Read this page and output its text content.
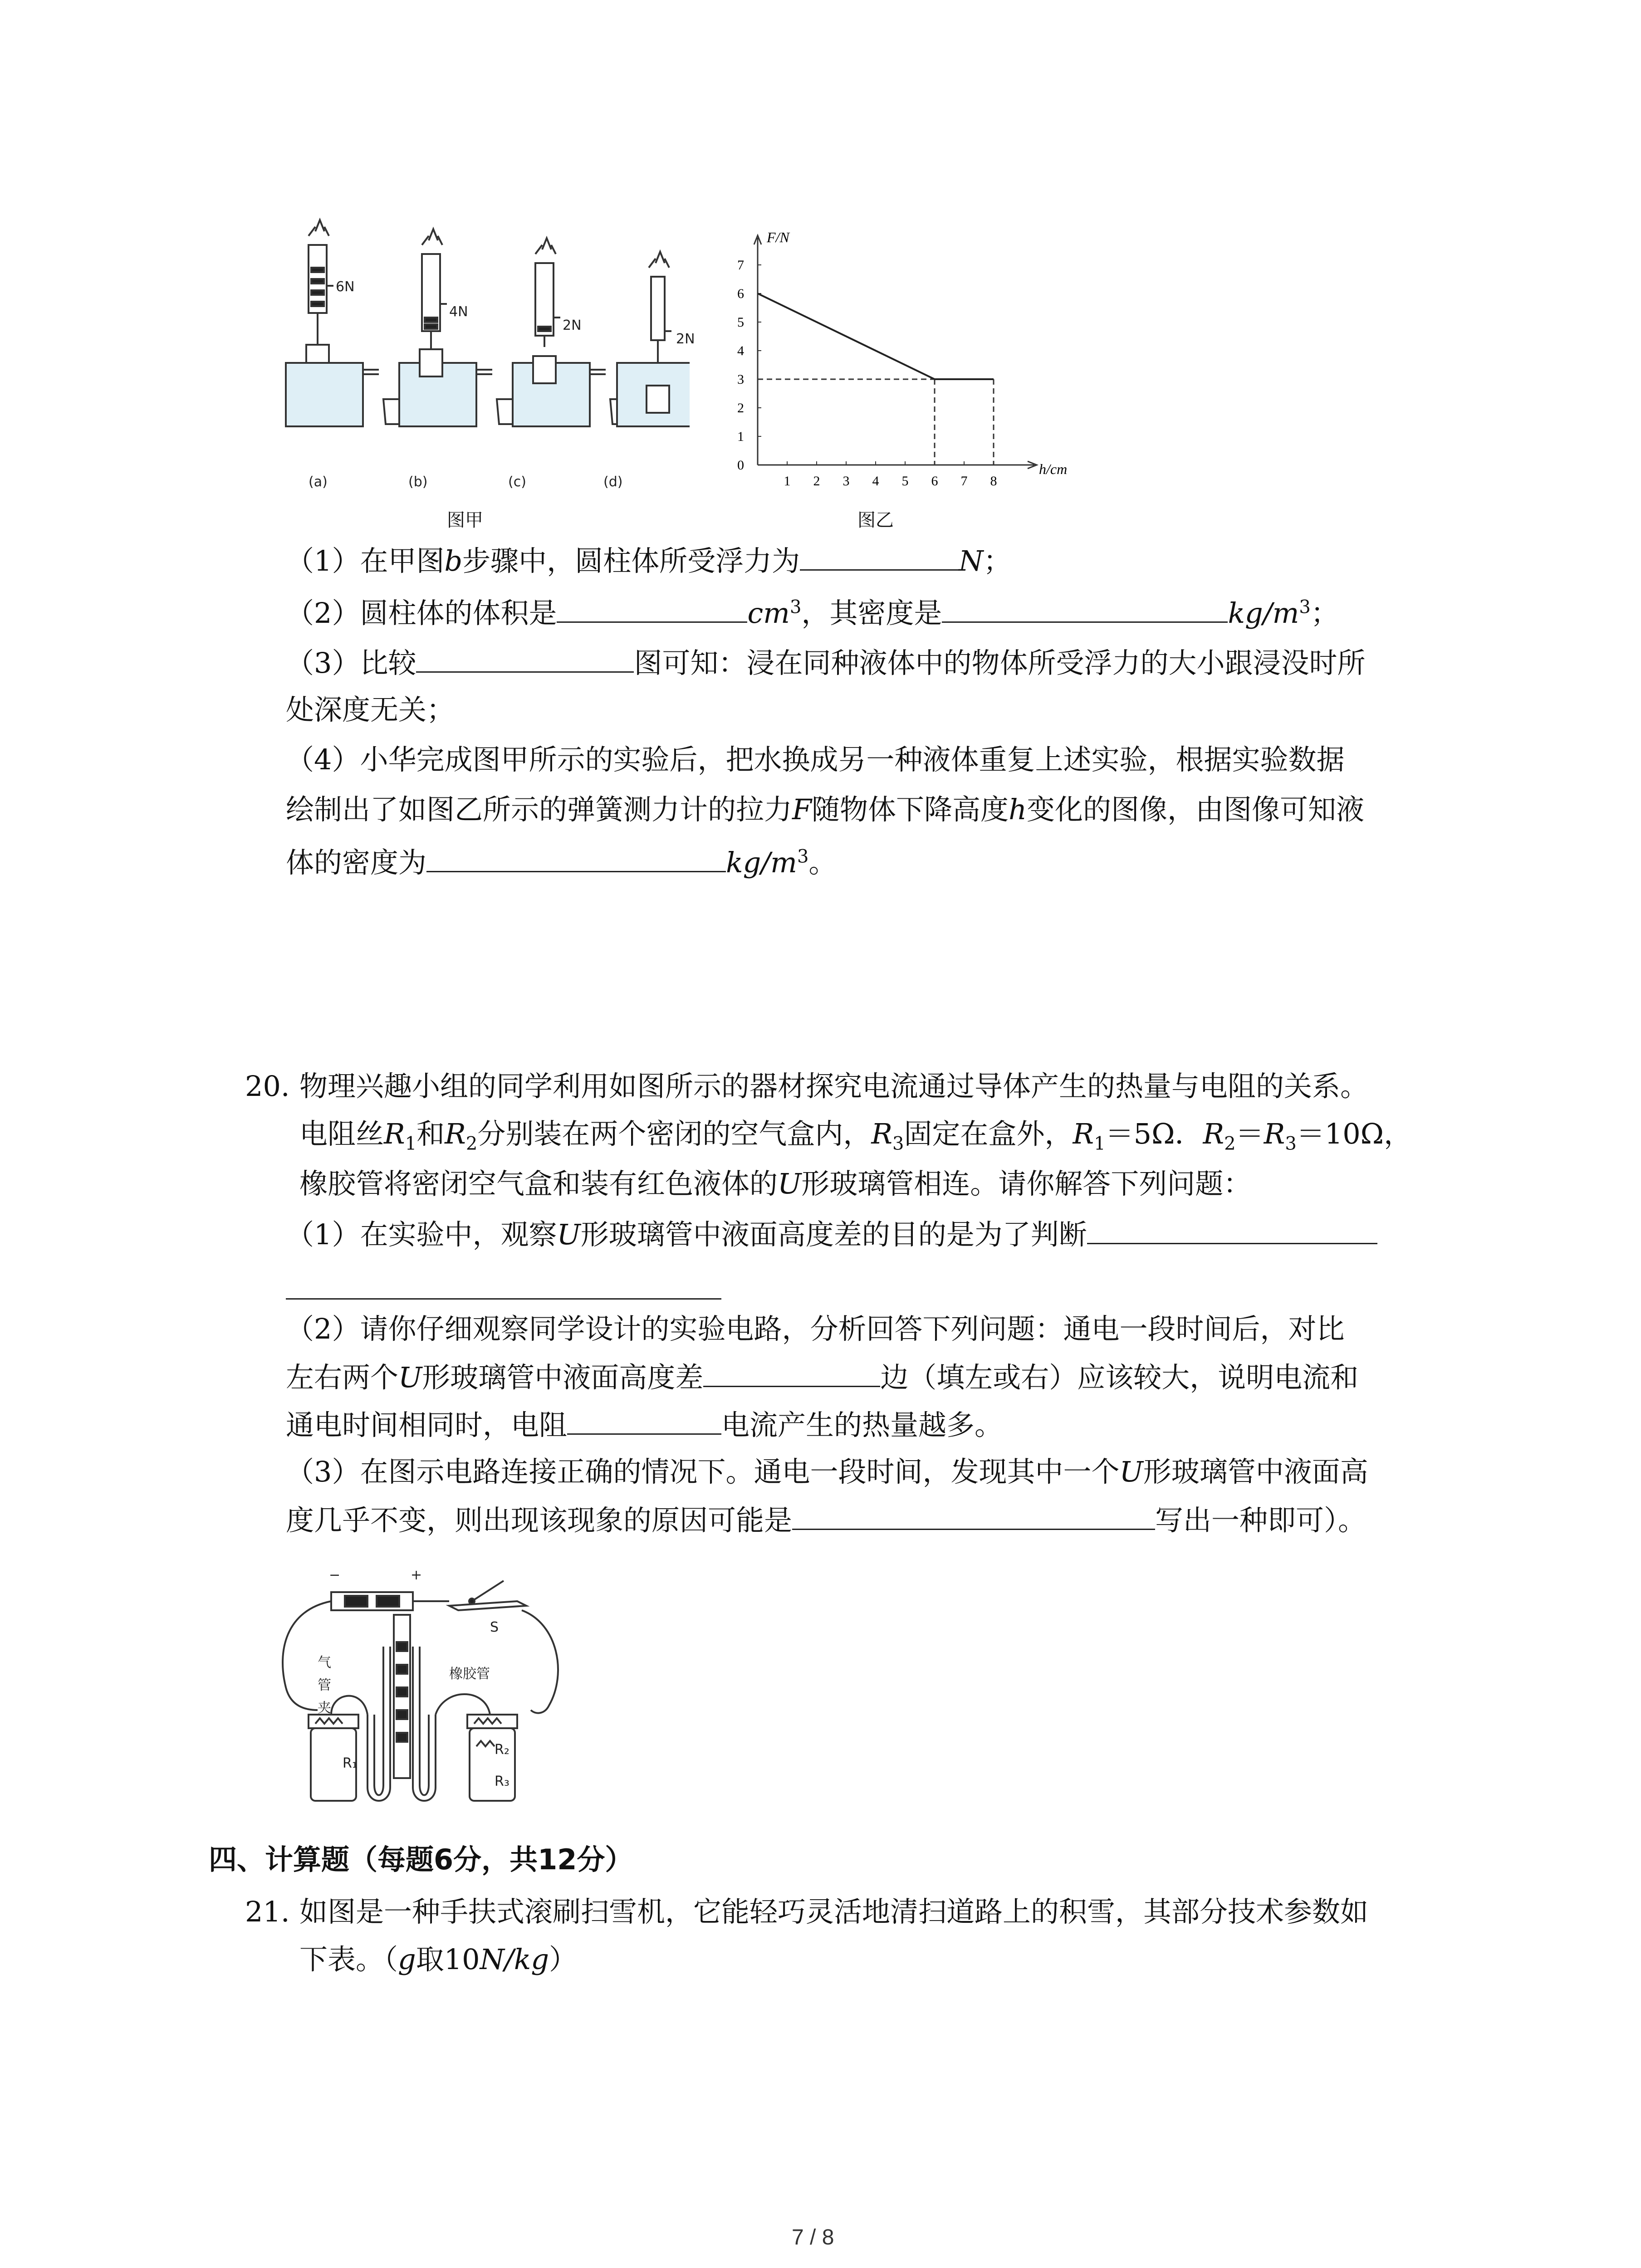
6N
4N
2N
2N
(a)	(b)	(c)	(d)
图甲
0
1
2
3
4
5
6
7
1 2 3 4 5 6 7 8
F/N
h/cm
图乙
（1）在甲图b步骤中，圆柱体所受浮力为	N；
（2）圆柱体的体积是	$cm^3$，其密度是	$kg/m^3$；
（3）比较	图可知：浸在同种液体中的物体所受浮力的大小跟浸没时所
处深度无关；
（4）小华完成图甲所示的实验后，把水换成另一种液体重复上述实验，根据实验数据
绘制出了如图乙所示的弹簧测力计的拉力F随物体下降高度h变化的图像，由图像可知液
体的密度为	$kg/m^3$。
20. 物理兴趣小组的同学利用如图所示的器材探究电流通过导体产生的热量与电阻的关系。
电阻丝$R_1$和$R_2$分别装在两个密闭的空气盒内，$R_3$固定在盒外，$R_1=5\Omega$．$R_2=R_3=10\Omega$，
橡胶管将密闭空气盒和装有红色液体的U形玻璃管相连。请你解答下列问题：
（1）在实验中，观察U形玻璃管中液面高度差的目的是为了判断
（2）请你仔细观察同学设计的实验电路，分析回答下列问题：通电一段时间后，对比
左右两个U形玻璃管中液面高度差	边（填左或右）应该较大，说明电流和
通电时间相同时，电阻	电流产生的热量越多。
（3）在图示电路连接正确的情况下。通电一段时间，发现其中一个U形玻璃管中液面高
度几乎不变，则出现该现象的原因可能是	写出一种即可）。
−	+
S
橡胶管
气
管
夹
R₁
R₂
R₃
四、计算题（每题6分，共12分）
21. 如图是一种手扶式滚刷扫雪机，它能轻巧灵活地清扫道路上的积雪，其部分技术参数如
下表。（g取10N/kg）
7 / 8
